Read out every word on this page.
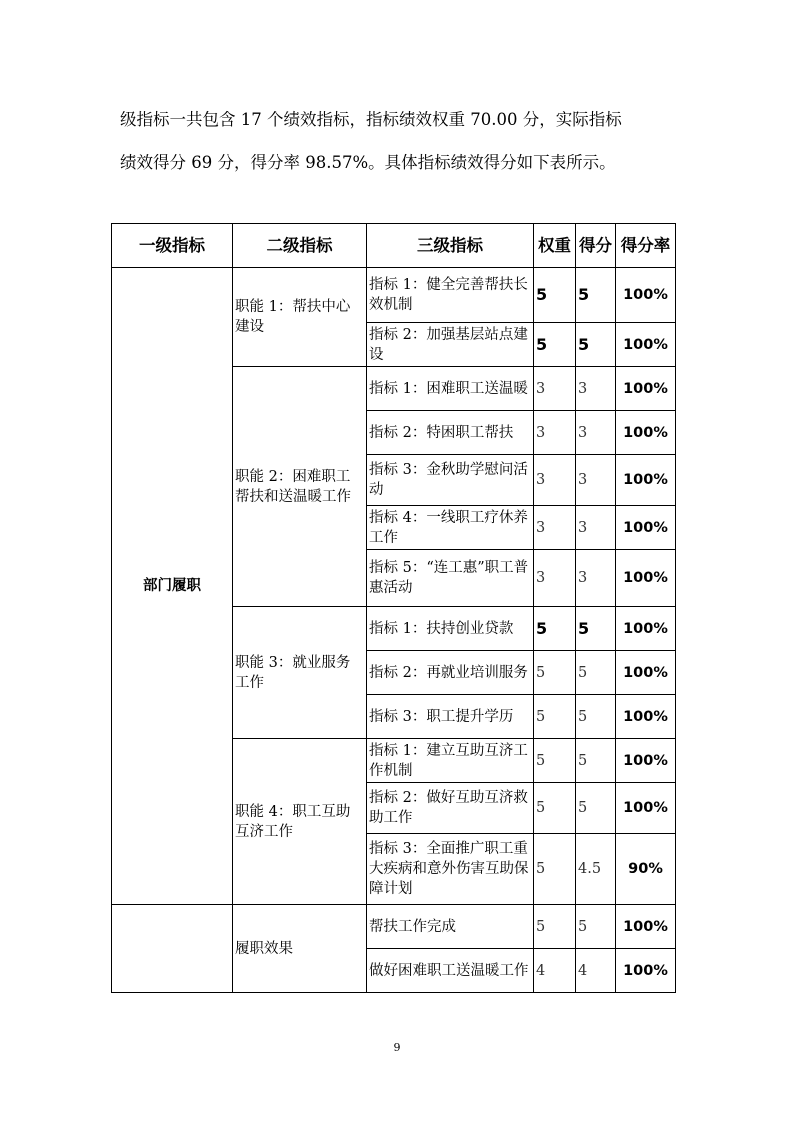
级指标一共包含 17 个绩效指标，指标绩效权重 70.00 分，实际指标

绩效得分 69 分，得分率 98.57%。具体指标绩效得分如下表所示。

一级指标	二级指标	三级指标	权重	得分	得分率
部门履职	职能 1：帮扶中心建设	指标 1：健全完善帮扶长效机制	5	5	100%
		指标 2：加强基层站点建设	5	5	100%
	职能 2：困难职工帮扶和送温暖工作	指标 1：困难职工送温暖	3	3	100%
		指标 2：特困职工帮扶	3	3	100%
		指标 3：金秋助学慰问活动	3	3	100%
		指标 4：一线职工疗休养工作	3	3	100%
		指标 5：“连工惠”职工普惠活动	3	3	100%
	职能 3：就业服务工作	指标 1：扶持创业贷款	5	5	100%
		指标 2：再就业培训服务	5	5	100%
		指标 3：职工提升学历	5	5	100%
	职能 4：职工互助互济工作	指标 1：建立互助互济工作机制	5	5	100%
		指标 2：做好互助互济救助工作	5	5	100%
		指标 3：全面推广职工重大疾病和意外伤害互助保障计划	5	4.5	90%
	履职效果	帮扶工作完成	5	5	100%
		做好困难职工送温暖工作	4	4	100%
9
